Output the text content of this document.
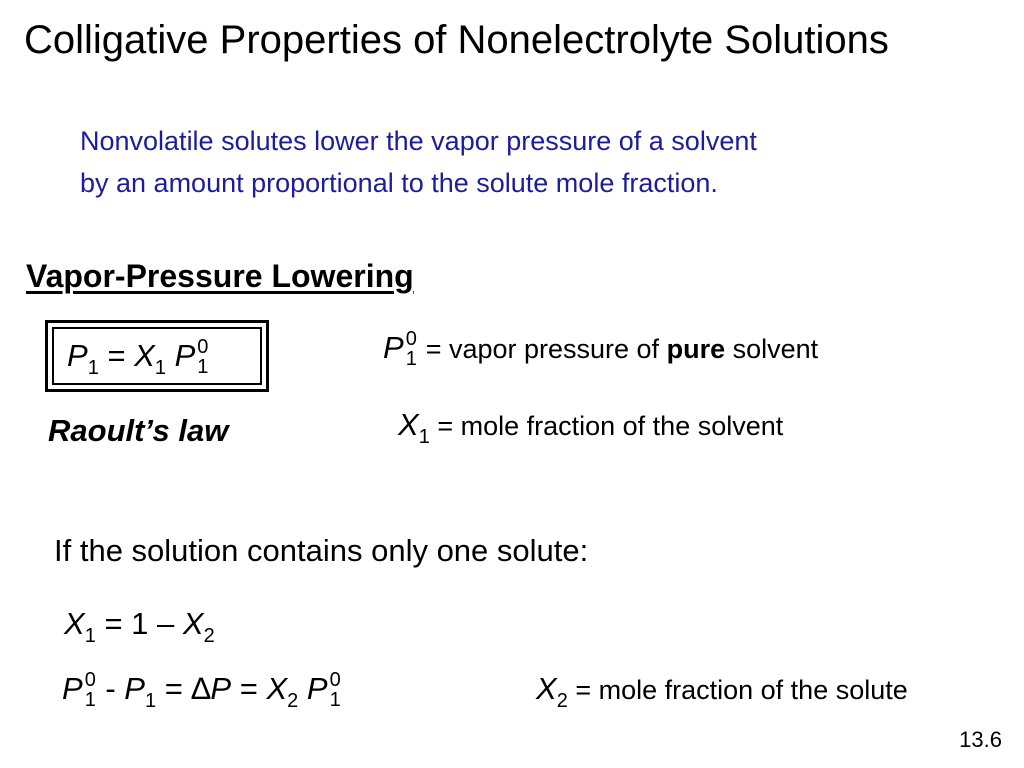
Colligative Properties of Nonelectrolyte Solutions
Nonvolatile solutes lower the vapor pressure of a solvent
by an amount proportional to the solute mole fraction.
Vapor-Pressure Lowering
$P_1 = X_1$ P 0
1
Raoult’s law
P 0
1 = vapor pressure of pure solvent
$X_1$ = mole fraction of the solvent
If the solution contains only one solute:
$X_1 = 1 - X_2$
P 0
$1 - P_1 = \Delta P = X_2$ P 0
1	$X_2$ = mole fraction of the solute
13.6
